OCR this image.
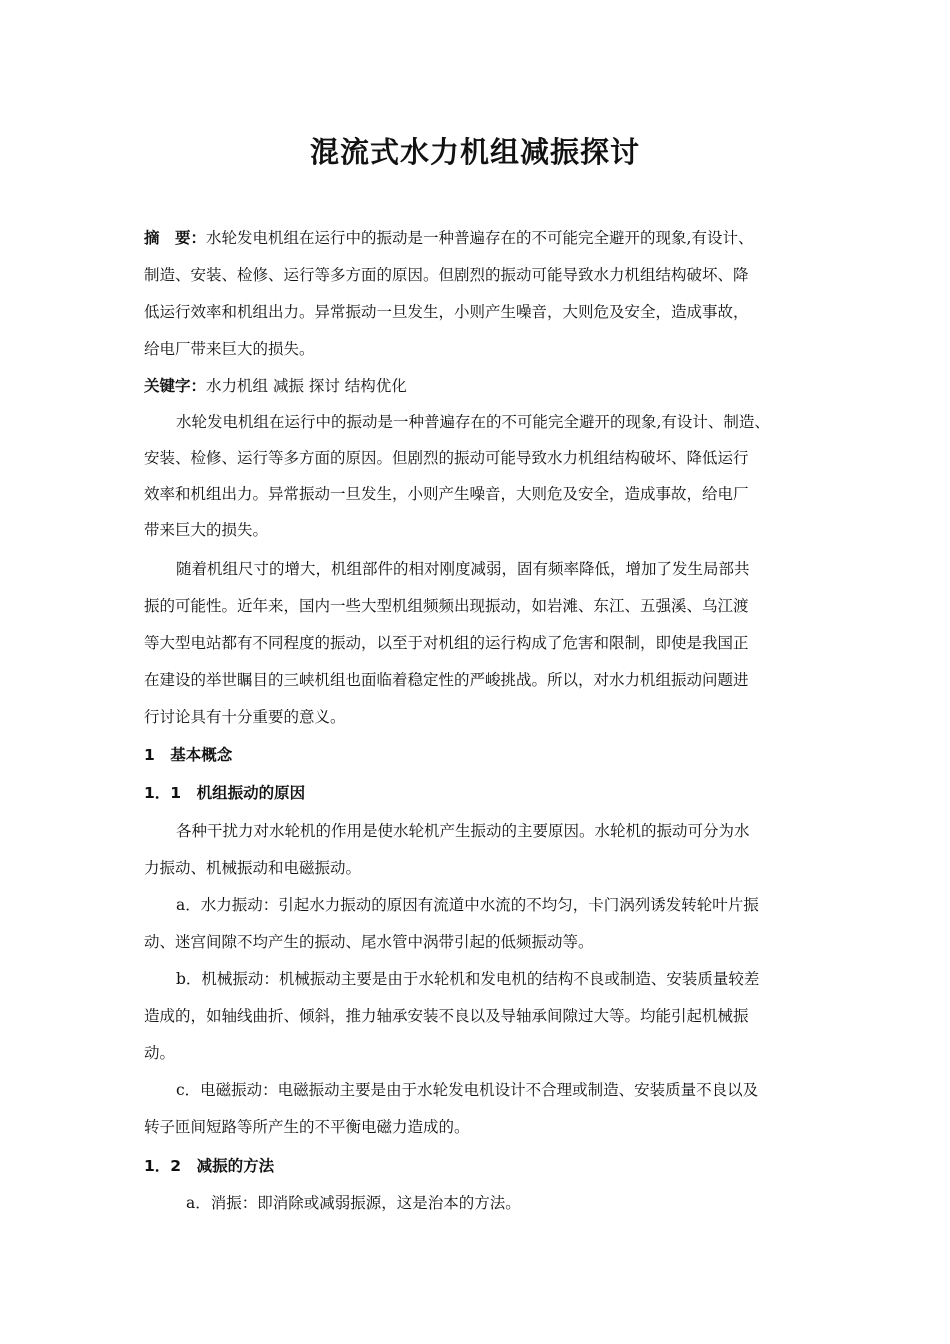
混流式水力机组减振探讨
摘　要：水轮发电机组在运行中的振动是一种普遍存在的不可能完全避开的现象,有设计、
制造、安装、检修、运行等多方面的原因。但剧烈的振动可能导致水力机组结构破坏、降
低运行效率和机组出力。异常振动一旦发生，小则产生噪音，大则危及安全，造成事故，
给电厂带来巨大的损失。
关键字：水力机组 减振 探讨 结构优化
水轮发电机组在运行中的振动是一种普遍存在的不可能完全避开的现象,有设计、制造、
安装、检修、运行等多方面的原因。但剧烈的振动可能导致水力机组结构破坏、降低运行
效率和机组出力。异常振动一旦发生，小则产生噪音，大则危及安全，造成事故，给电厂
带来巨大的损失。
随着机组尺寸的增大，机组部件的相对刚度减弱，固有频率降低，增加了发生局部共
振的可能性。近年来，国内一些大型机组频频出现振动，如岩滩、东江、五强溪、乌江渡
等大型电站都有不同程度的振动，以至于对机组的运行构成了危害和限制，即使是我国正
在建设的举世瞩目的三峡机组也面临着稳定性的严峻挑战。所以，对水力机组振动问题进
行讨论具有十分重要的意义。
1　基本概念
1．1　机组振动的原因
各种干扰力对水轮机的作用是使水轮机产生振动的主要原因。水轮机的振动可分为水
力振动、机械振动和电磁振动。
a．水力振动：引起水力振动的原因有流道中水流的不均匀，卡门涡列诱发转轮叶片振
动、迷宫间隙不均产生的振动、尾水管中涡带引起的低频振动等。
b．机械振动：机械振动主要是由于水轮机和发电机的结构不良或制造、安装质量较差
造成的，如轴线曲折、倾斜，推力轴承安装不良以及导轴承间隙过大等。均能引起机械振
动。
c．电磁振动：电磁振动主要是由于水轮发电机设计不合理或制造、安装质量不良以及
转子匝间短路等所产生的不平衡电磁力造成的。
1．2　减振的方法
a．消振：即消除或减弱振源，这是治本的方法。
